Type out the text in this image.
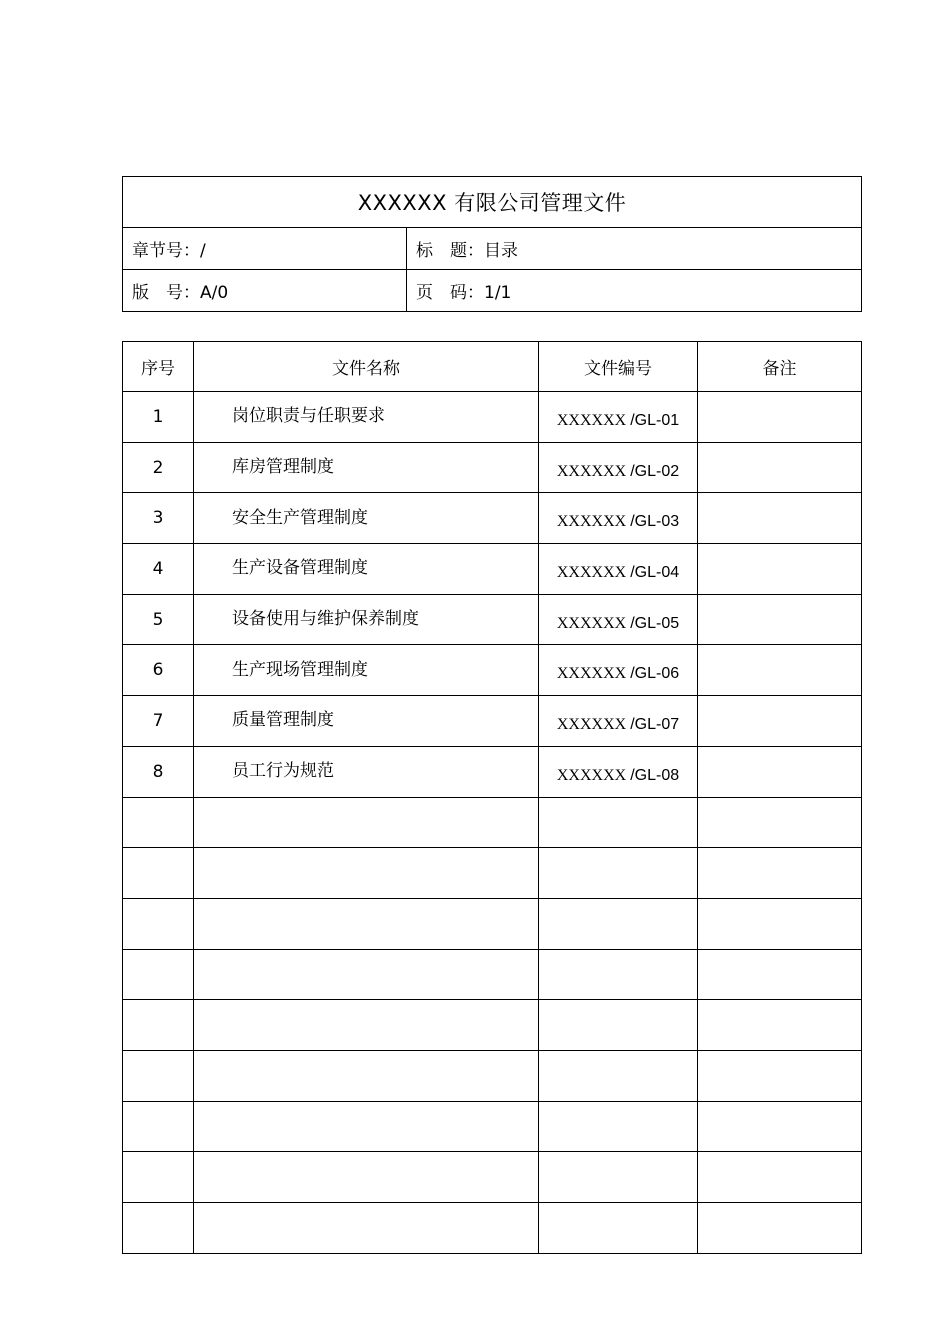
XXXXXX 有限公司管理文件	
章节号：/	标　题：目录
版　号：A/0	页　码：1/1
序号	文件名称	文件编号	备注
1	岗位职责与任职要求	XXXXXX /GL-01	
2	库房管理制度	XXXXXX /GL-02	
3	安全生产管理制度	XXXXXX /GL-03	
4	生产设备管理制度	XXXXXX /GL-04	
5	设备使用与维护保养制度	XXXXXX /GL-05	
6	生产现场管理制度	XXXXXX /GL-06	
7	质量管理制度	XXXXXX /GL-07	
8	员工行为规范	XXXXXX /GL-08	
